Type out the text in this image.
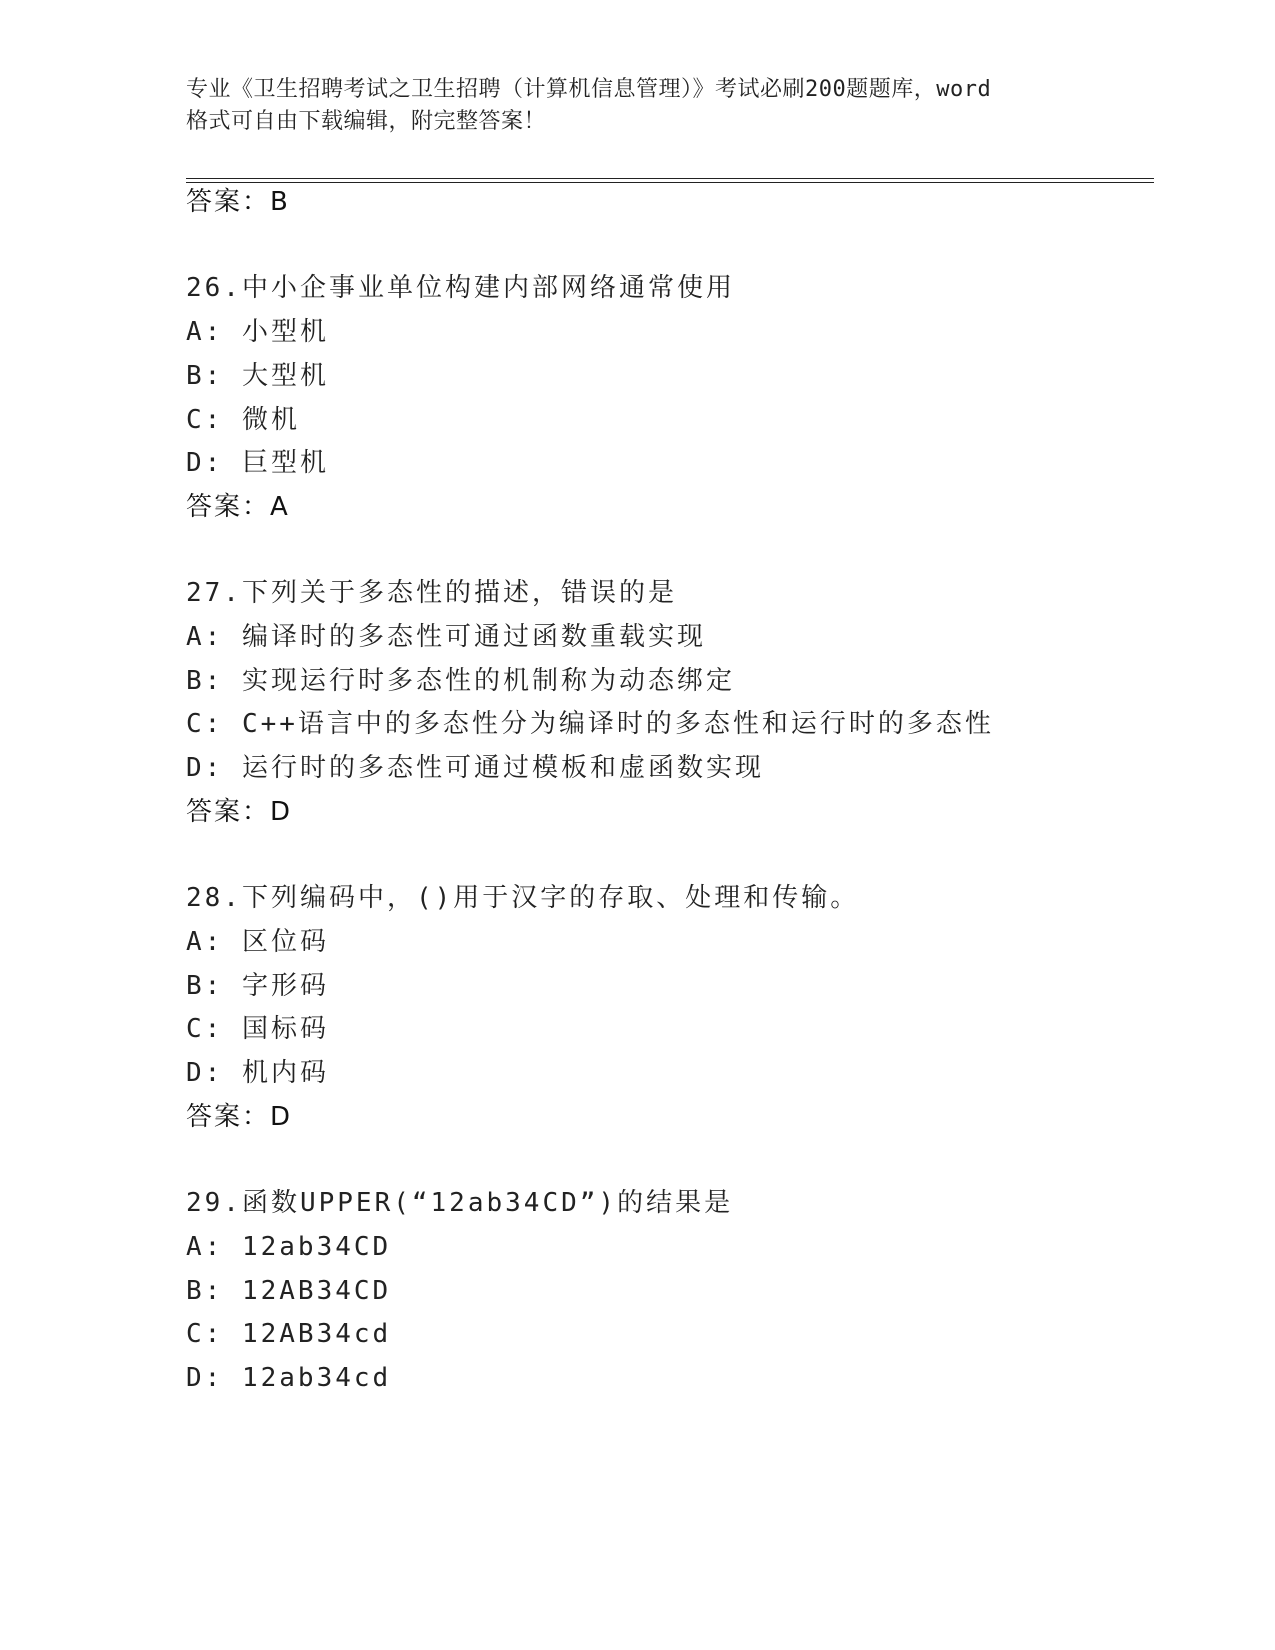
专业《卫生招聘考试之卫生招聘（计算机信息管理）》考试必刷200题题库，word
格式可自由下载编辑，附完整答案！
答案：B
26.中小企事业单位构建内部网络通常使用
A: 小型机
B: 大型机
C: 微机
D: 巨型机
答案：A
27.下列关于多态性的描述，错误的是
A: 编译时的多态性可通过函数重载实现
B: 实现运行时多态性的机制称为动态绑定
C: C++语言中的多态性分为编译时的多态性和运行时的多态性
D: 运行时的多态性可通过模板和虚函数实现
答案：D
28.下列编码中，()用于汉字的存取、处理和传输。
A: 区位码
B: 字形码
C: 国标码
D: 机内码
答案：D
29.函数UPPER(“12ab34CD”)的结果是
A: 12ab34CD
B: 12AB34CD
C: 12AB34cd
D: 12ab34cd
